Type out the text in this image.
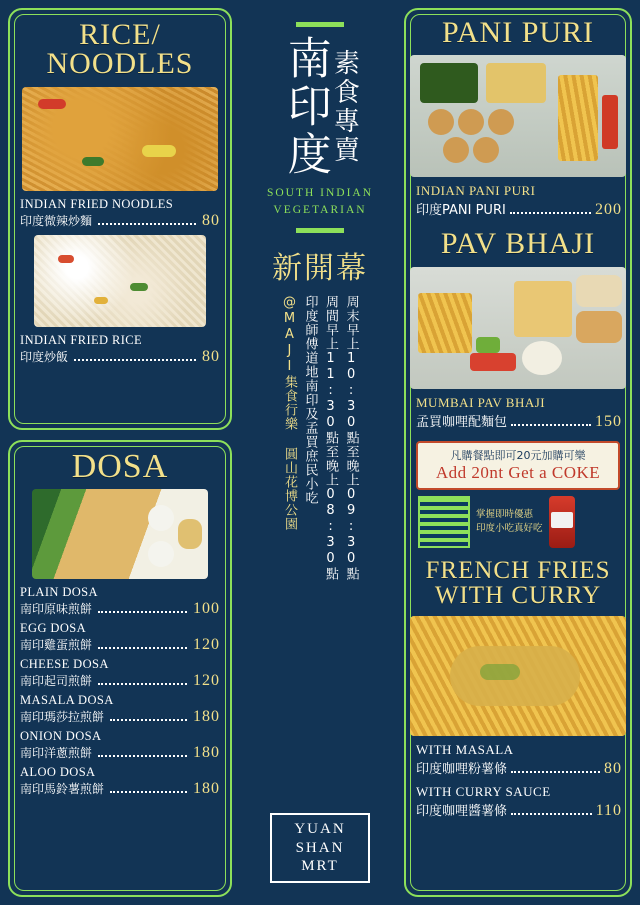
RICE/
NOODLES
INDIAN FRIED NOODLES
印度微辣炒麵	80
INDIAN FRIED RICE
印度炒飯	80
DOSA
PLAIN DOSA
南印原味煎餅	100
EGG DOSA
南印雞蛋煎餅	120
CHEESE DOSA
南印起司煎餅	120
MASALA DOSA
南印瑪莎拉煎餅	180
ONION DOSA
南印洋蔥煎餅	180
ALOO DOSA
南印馬鈴薯煎餅	180
南印度
素食專賣
SOUTH INDIAN
VEGETARIAN
新開幕
周末早上10:30點至晚上09:30點
周間早上11:30點至晚上08:30點
印度師傅道地南印及孟買庶民小吃
@MAJI集食行樂 圓山花博公園
YUAN
SHAN
MRT
PANI PURI
INDIAN PANI PURI
印度PANI PURI	200
PAV BHAJI
MUMBAI PAV BHAJI
孟買咖哩配麵包	150
凡購餐點即可20元加購可樂
Add 20nt Get a COKE
掌握即時優惠
印度小吃真好吃
FRENCH FRIES
WITH CURRY
WITH MASALA
印度咖哩粉薯條	80
WITH CURRY SAUCE
印度咖哩醬薯條	110
